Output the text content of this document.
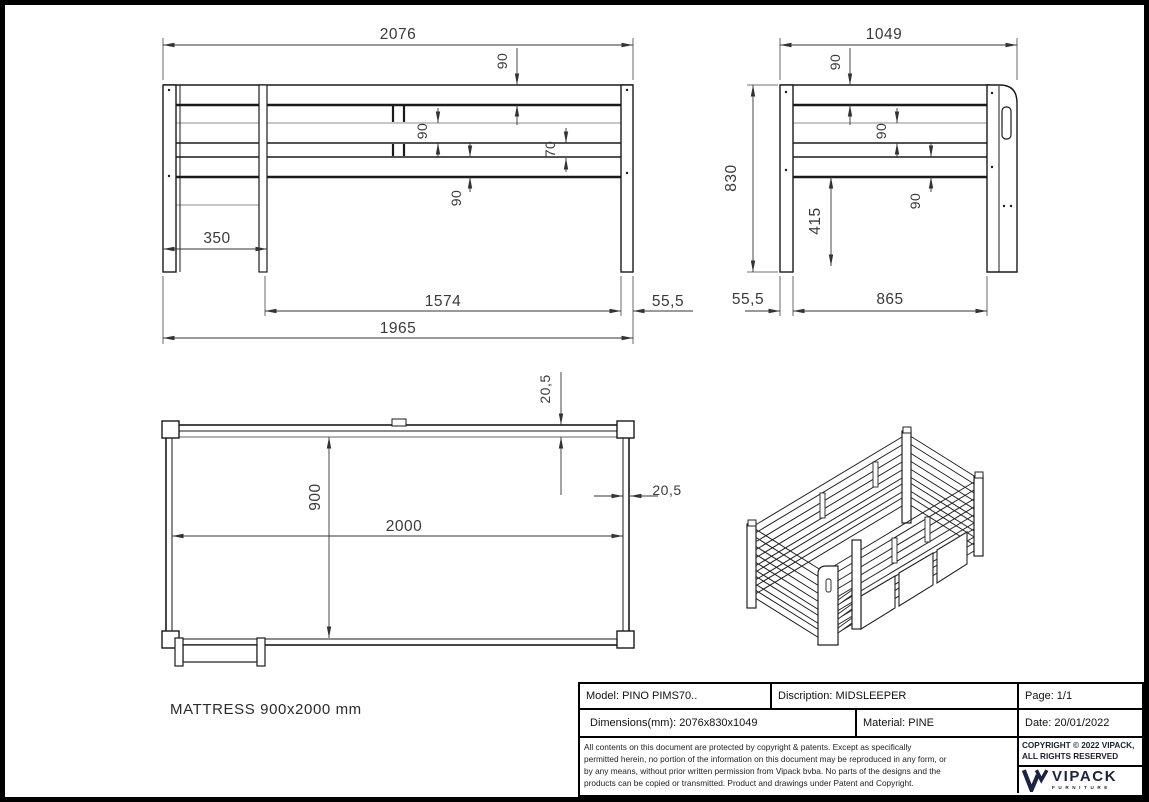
2076
90
90
70
90
350
1574	55,5
1965
1049
90
830
90
90
415
55,5	865
20,5
20,5
900
2000
MATTRESS 900x2000 mm
Model: PINO PIMS70..	Discription: MIDSLEEPER	Page: 1/1
Dimensions(mm): 2076x830x1049	Material: PINE	Date: 20/01/2022
All contents on this document are protected by copyright & patents. Except as specifically
permitted herein, no portion of the information on this document may be reproduced in any form, or
by any means, without prior written permission from Vipack bvba. No parts of the designs and the
products can be copied or transmitted. Product and drawings under Patent and Copyright.
COPYRIGHT © 2022 VIPACK,
ALL RIGHTS RESERVED
VIPACK
FURNITURE
